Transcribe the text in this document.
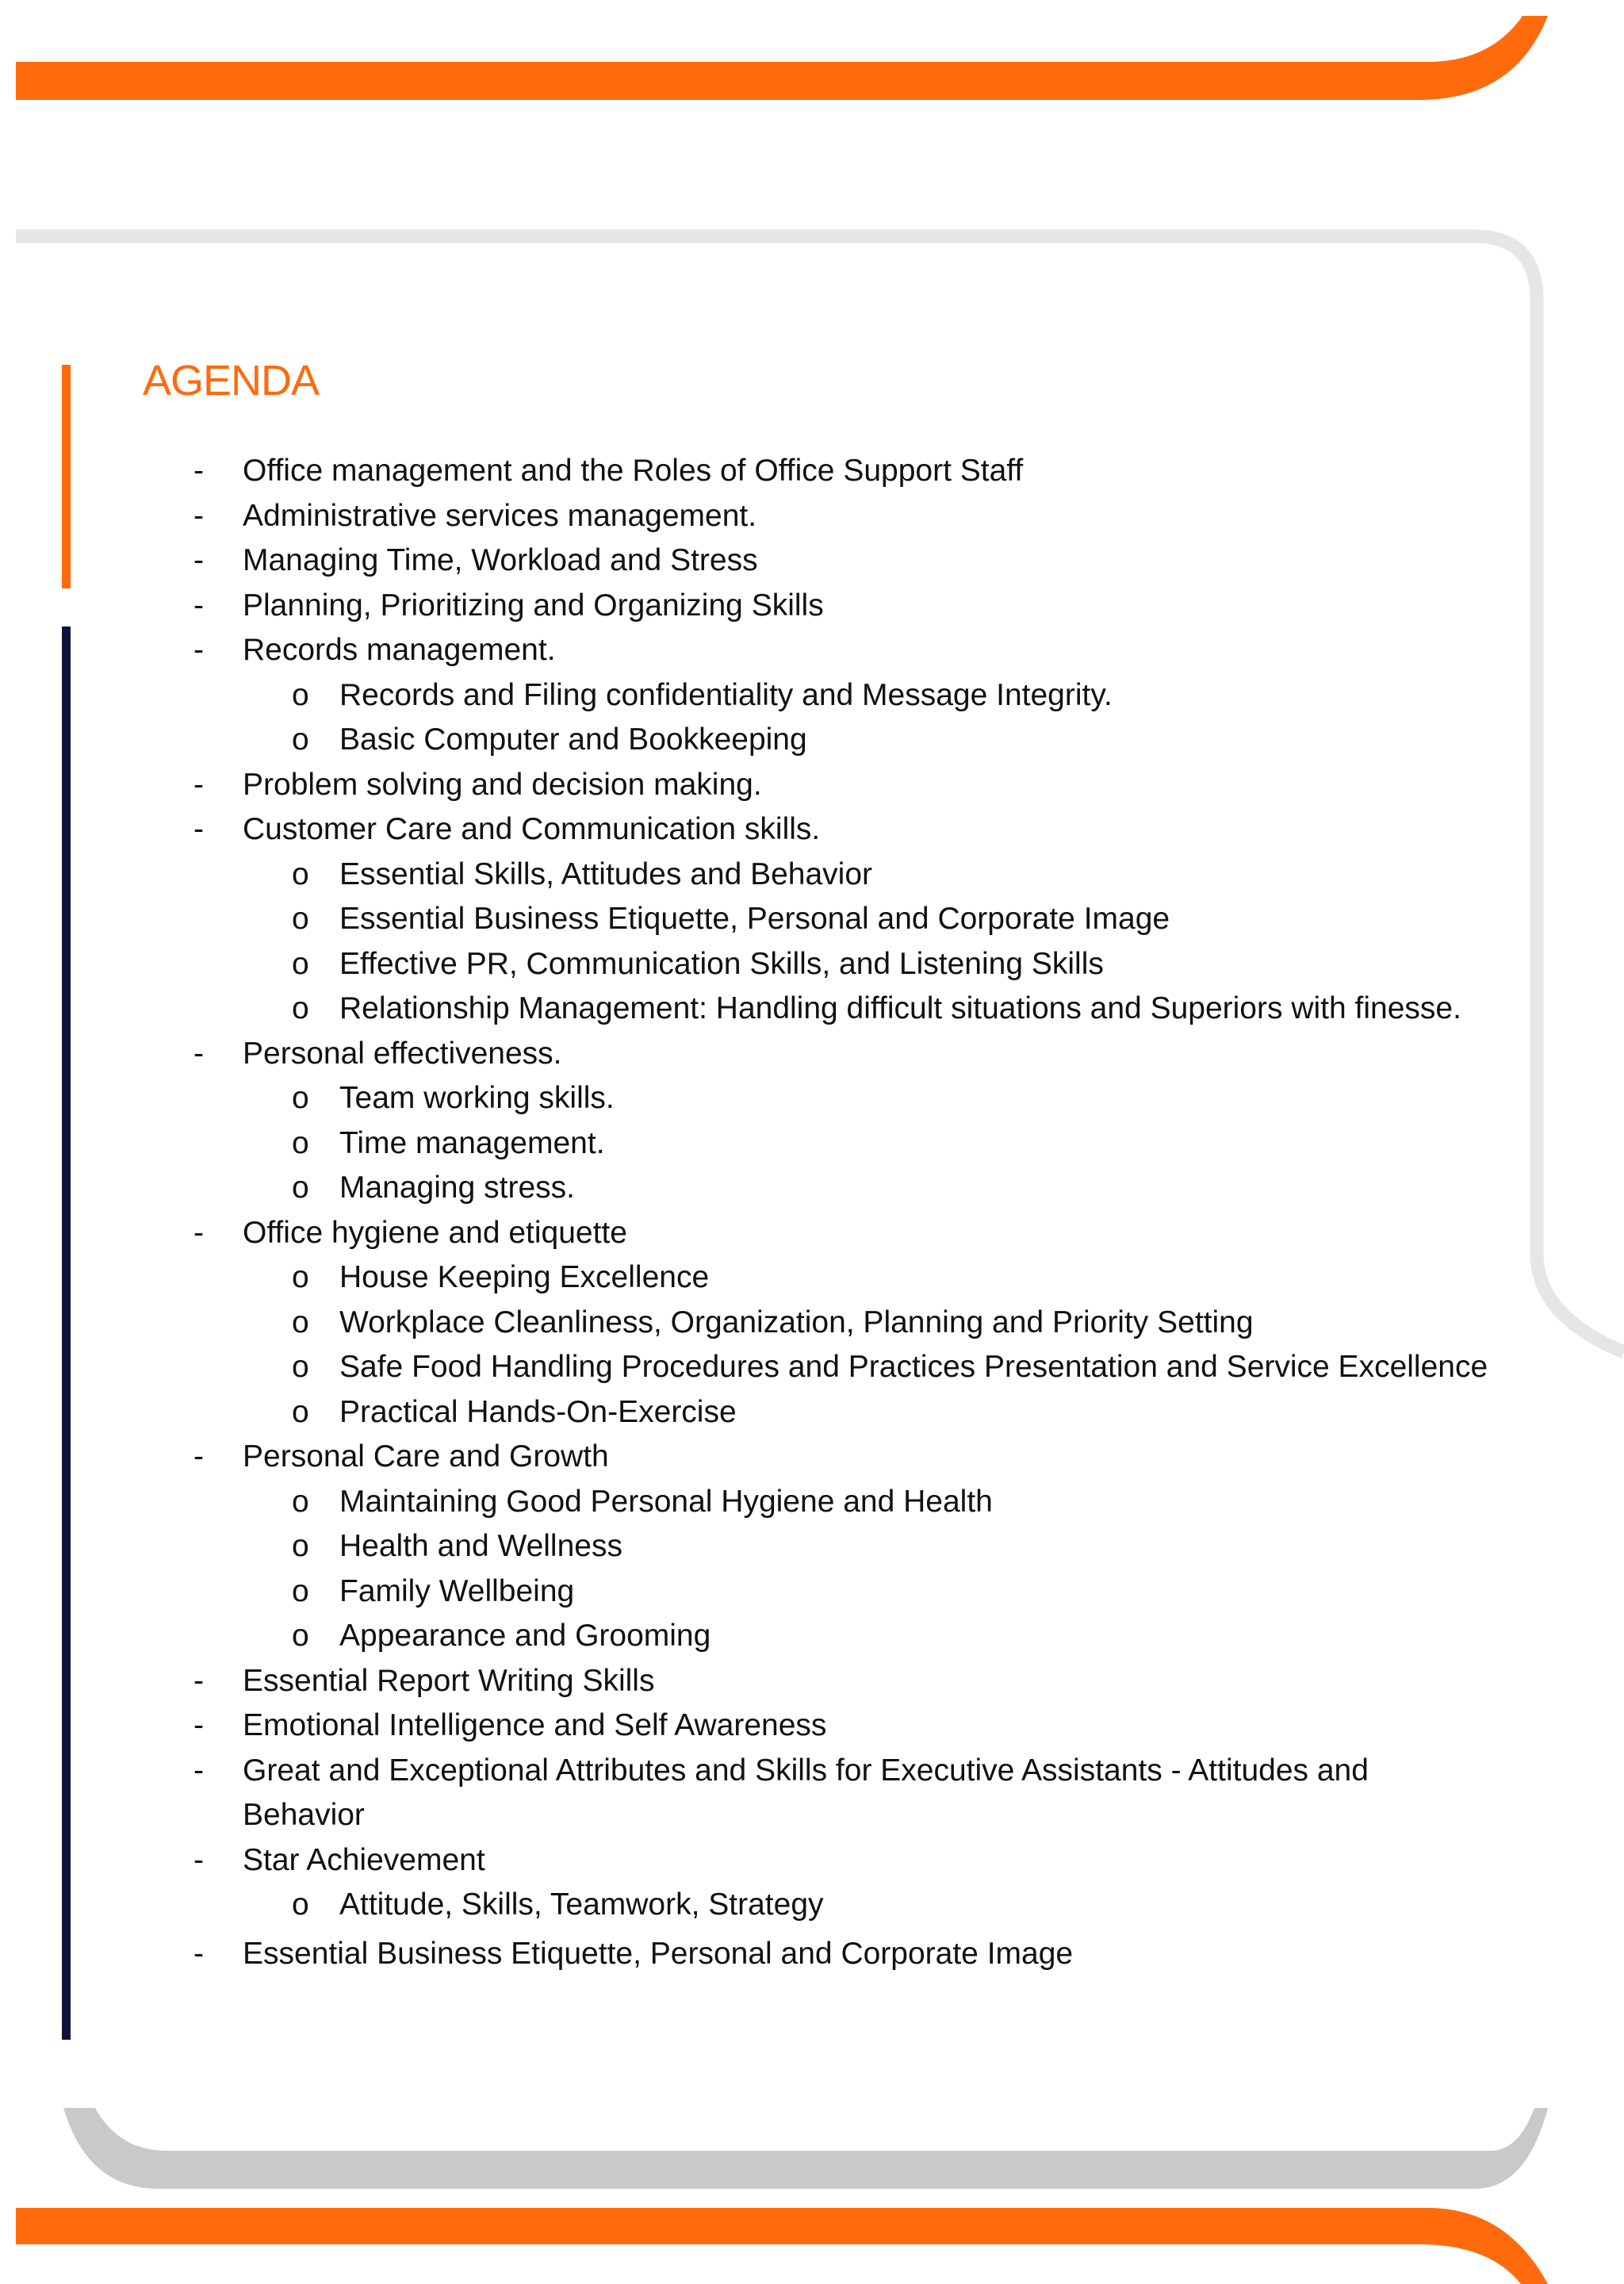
AGENDA
- Office management and the Roles of Office Support Staff
- Administrative services management.
- Managing Time, Workload and Stress
- Planning, Prioritizing and Organizing Skills
- Records management.
o Records and Filing confidentiality and Message Integrity.
o Basic Computer and Bookkeeping
- Problem solving and decision making.
- Customer Care and Communication skills.
o Essential Skills, Attitudes and Behavior
o Essential Business Etiquette, Personal and Corporate Image
o Effective PR, Communication Skills, and Listening Skills
o Relationship Management: Handling difficult situations and Superiors with finesse.
- Personal effectiveness.
o Team working skills.
o Time management.
o Managing stress.
- Office hygiene and etiquette
o House Keeping Excellence
o Workplace Cleanliness, Organization, Planning and Priority Setting
o Safe Food Handling Procedures and Practices Presentation and Service Excellence
o Practical Hands-On-Exercise
- Personal Care and Growth
o Maintaining Good Personal Hygiene and Health
o Health and Wellness
o Family Wellbeing
o Appearance and Grooming
- Essential Report Writing Skills
- Emotional Intelligence and Self Awareness
- Great and Exceptional Attributes and Skills for Executive Assistants - Attitudes and Behavior
- Star Achievement
o Attitude, Skills, Teamwork, Strategy
- Essential Business Etiquette, Personal and Corporate Image
